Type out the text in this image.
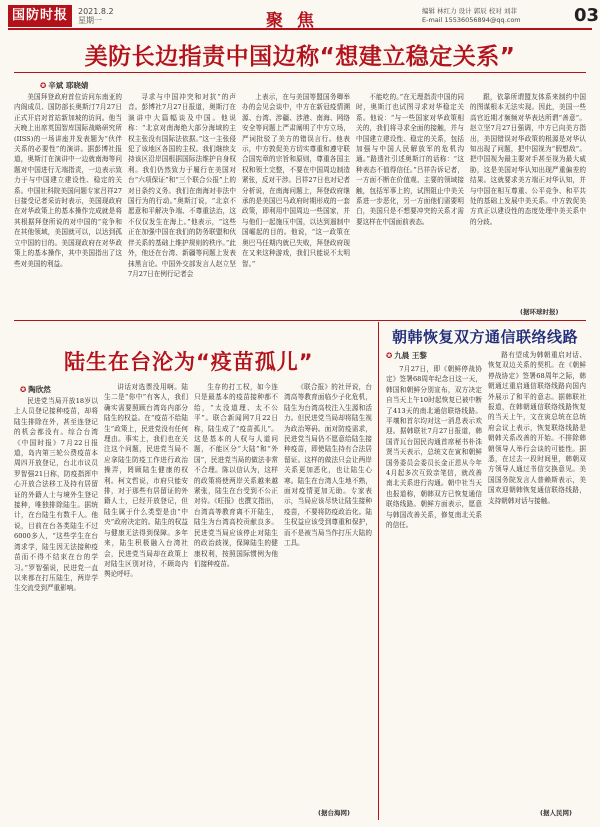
国防时报	2021.8.2
星期一	聚 焦	编辑 林红力 设计 郭辰 校对 刘菲
E-mail 15536056894@qq.com	03
美防长边指责中国边称“想建立稳定关系”
✪ 辛斌 耶晓婧

美国拜登政府首位访问东南亚的内阁成员、国防部长奥斯汀7月27日正式开启对首站新加坡的访问。他当天晚上出席英国智库国际战略研究所(IISS)的一场讲座并发表题为“伙伴关系的必要性”的演讲。据彭博社报道，奥斯汀在演讲中一边就南海等问题对中国进行无端指责，一边表示致力于与中国建立建设性、稳定的关系。中国社科院美国问题专家吕祥27日接受记者采访时表示，美国现政府在对华政策上的基本操作完成就是将其根据拜登所说的对中国的“竞争和在其他领域，美国就可以，以达到孤立中国的目的。美国现政府在对华政策上的基本操作，其中美国指出了这些对美国的利益。

寻求与中国冲突和对抗”的声音。彭博社7月27日报道，奥斯汀在演讲中大篇幅谈及中国。他说称：“北京对南海绝大部分海域的主权主张没有国际法依据。”这一主张侵犯了该地区各国的主权。我们继续支持该区沿岸国根据国际法维护自身权利。我们仍然致力于履行在美国对台“六项保证”和“三个联合公报”上的对日条约义务。我们在南海对非法中国行为的行动。”奥斯汀说，“北京不愿意和平解决争端、不尊重法治，这不仅仅发生在海上。”他表示，“这些正在加强中国在我们的防务联盟和伙伴关系的基础上维护规则的秩序。”此外，他还在台湾、新疆等问题上发表抹黑言论。中国外交部发言人赵立坚7月27日在例行记者会

上表示，在与美国等盟国务卿举办的会见会谈中，中方在新冠疫情溯源、台湾、涉疆、涉港、南海、网络安全等问题上严肃阐明了中方立场，严词批驳了美方的错误言行。他表示，中方敦促美方切实尊重和遵守联合国宪章的宗旨和原则，尊重各国主权和领土完整，不要在中国周边制造紧张，反对干涉。吕祥27日也对记者分析说，在南海问题上，拜登政府继承的是美国巴马政府时期形成的一套政策，即利用中国周边一些国家，并与他们一起施压中国，以达到遏制中国崛起的目的。他说，“这一政策在奥巴马任期内就已失败，拜登政府现在又来这种游戏，我们只能说不太明智。”

不能吃的。”在无理指责中国的同时，奥斯汀也试图寻求对华稳定关系。他说：“与一些国家对华政策相关的，我们将寻求全面的接触，并与中国建立建设性、稳定的关系，包括加强与中国人民解放军的危机沟通。”路透社引述奥斯汀的话称：“这种表态不值得信任。”吕祥告诉记者，一方面不断在价值观、主要的领域接触，包括军事上的，试图阻止中美关系进一步恶化，另一方面他们需要明白，美国只是不想要冲突的关系才需要这样在中国面前表态。

跟，依靠所谓盟友体系来制约中国的图谋根本无法实现。因此，美国一些高官近期才频频对华表达所谓“善意”。赵立坚7月27日强调，中方已向美方指出，美国错误对华政策的根源是对华认知出现了问题，把中国视为“假想敌”。把中国视为最主要对手甚至视为最大威胁，这是美国对华认知出现严重偏差的结果。这就要求美方端正对华认知，并与中国在相互尊重、公平竞争、和平共处的基础上发展中美关系。中方敦促美方真正以建设性的态度处理中美关系中的分歧。

(据环球时报)
陆生在台沦为“疫苗孤儿”
✪ 陶欣然

民进党当局开放18岁以上人员登记接种疫苗，却将陆生排除在外，甚至连登记的机会都没有。综合台湾《中国时报》7月22日报道，岛内第三轮公费疫苗本周四开放登记，台北市议员罗智强21日称，防疫指挥中心开放合法移工及持有居留证的外籍人士与境外生登记接种，唯独排除陆生。据统计，在台陆生有数千人。他说，目前在台各类陆生不过6000多人，“这些学生在台湾求学，陆生因无法接种疫苗而不得不结束在台的学习。”罗智强说，民进党一直以来都在打压陆生，两岸学生交流受到严重影响。

讲话对选票没用啊。陆生二是“你中”有客人，我们确实需要照顾台湾岛内部分陆生的权益。在“疫苗不给陆生”政策上，民进党没有任何理由。事实上，我们也在关注这个问题，民进党当局不应拿陆生防疫工作进行政治操弄，罔顾陆生健康的权利。柯文哲说，市府只能安排，对于那些有居留证的外籍人士，已经开放登记，但陆生属于什么类型是由“中央”政府决定的。陆生的权益与健康无法得到保障。多年来，陆生积极融入台湾社会，民进党当局却在政策上对陆生区别对待，不顾岛内舆论呼吁。

生存的打工权，如今连只是最基本的疫苗接种都不给，“太没道理、太不公平”。联合新闻网7月22日称，陆生成了“疫苗孤儿”。这是基本的人权与人道问题，不能区分“大陆”和“外国”，民进党当局的做法非常不合理。陈以信认为，这样的政策将使两岸关系越来越紧张，陆生在台受到不公正对待。《旺报》也撰文指出，台湾高等教育离不开陆生，陆生为台湾高校贡献良多。民进党当局应该停止对陆生的政治歧视，保障陆生的健康权利，按照国际惯例为他们接种疫苗。

《联合报》的社评说，台湾高等教育面临少子化危机，陆生为台湾高校注入生源和活力。但民进党当局却将陆生视为政治筹码。面对防疫需求，民进党当局仍不愿意给陆生接种疫苗，即使陆生持有合法居留证。这样的做法只会让两岸关系更加恶化，也让陆生心寒。陆生在台湾人生地不熟，面对疫情更加无助。专家表示，当局应该尽快让陆生接种疫苗，不要将防疫政治化。陆生权益应该受到尊重和保护，而不是被当局当作打压大陆的工具。

(据台海网)
朝韩恢复双方通信联络线路
✪ 九晨 王黎

7月27日，即《朝鲜停战协定》签署68周年纪念日这一天，韩国和朝鲜分别宣布，双方决定自当天上午10时起恢复已被中断了413天的南北通信联络线路。平壤和首尔均对这一消息表示欢迎。据韩联社7月27日报道，韩国青瓦台国民沟通首席秘书朴洙贤当天表示，总统文在寅和朝鲜国务委员会委员长金正恩从今年4月起多次互致亲笔信，就改善南北关系进行沟通。朝中社当天也报道称，朝韩双方已恢复通信联络线路。朝鲜方面表示，愿意与韩国改善关系，修复南北关系的信任。

路有望成为韩朝重启对话、恢复双边关系的契机。在《朝鲜停战协定》签署68周年之际，韩朝通过重启通信联络线路向国内外展示了和平的意志。据韩联社报道，在韩朝通信联络线路恢复的当天上午，文在寅总统在总统府会议上表示，恢复联络线路是朝韩关系改善的开始。不排除韩朝领导人举行会谈的可能性。据悉，在过去一段时间里，韩朝双方领导人通过书信交换意见。美国国务院发言人普赖斯表示，美国欢迎朝韩恢复通信联络线路，支持朝韩对话与接触。

(据人民网)
